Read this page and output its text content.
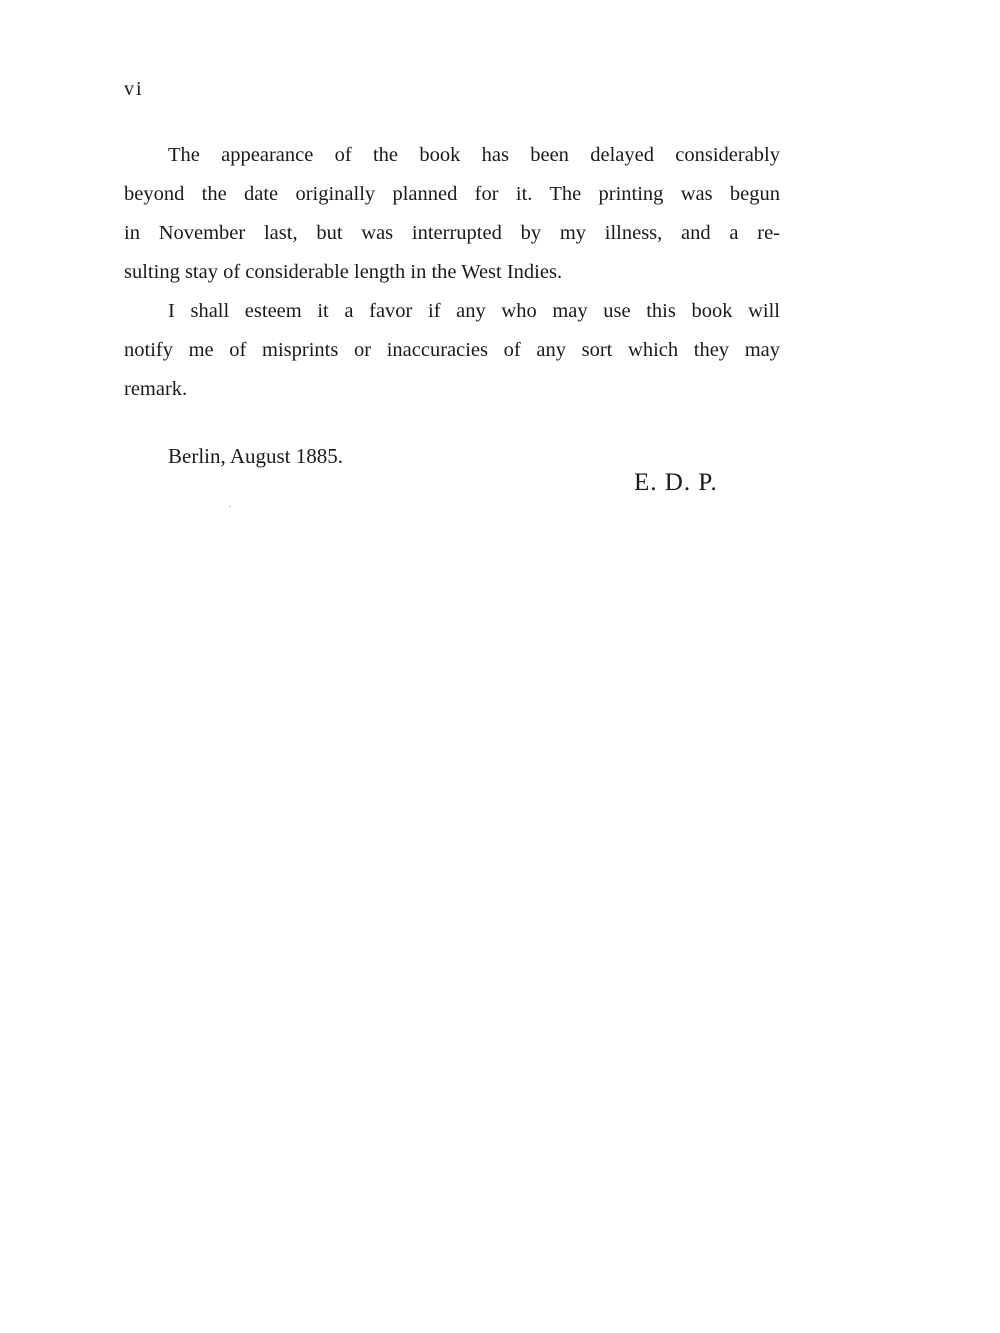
vi
The appearance of the book has been delayed considerably
beyond the date originally planned for it. The printing was begun
in November last, but was interrupted by my illness, and a re-
sulting stay of considerable length in the West Indies.
I shall esteem it a favor if any who may use this book will
notify me of misprints or inaccuracies of any sort which they may
remark.
Berlin, August 1885.
E. D. P.
